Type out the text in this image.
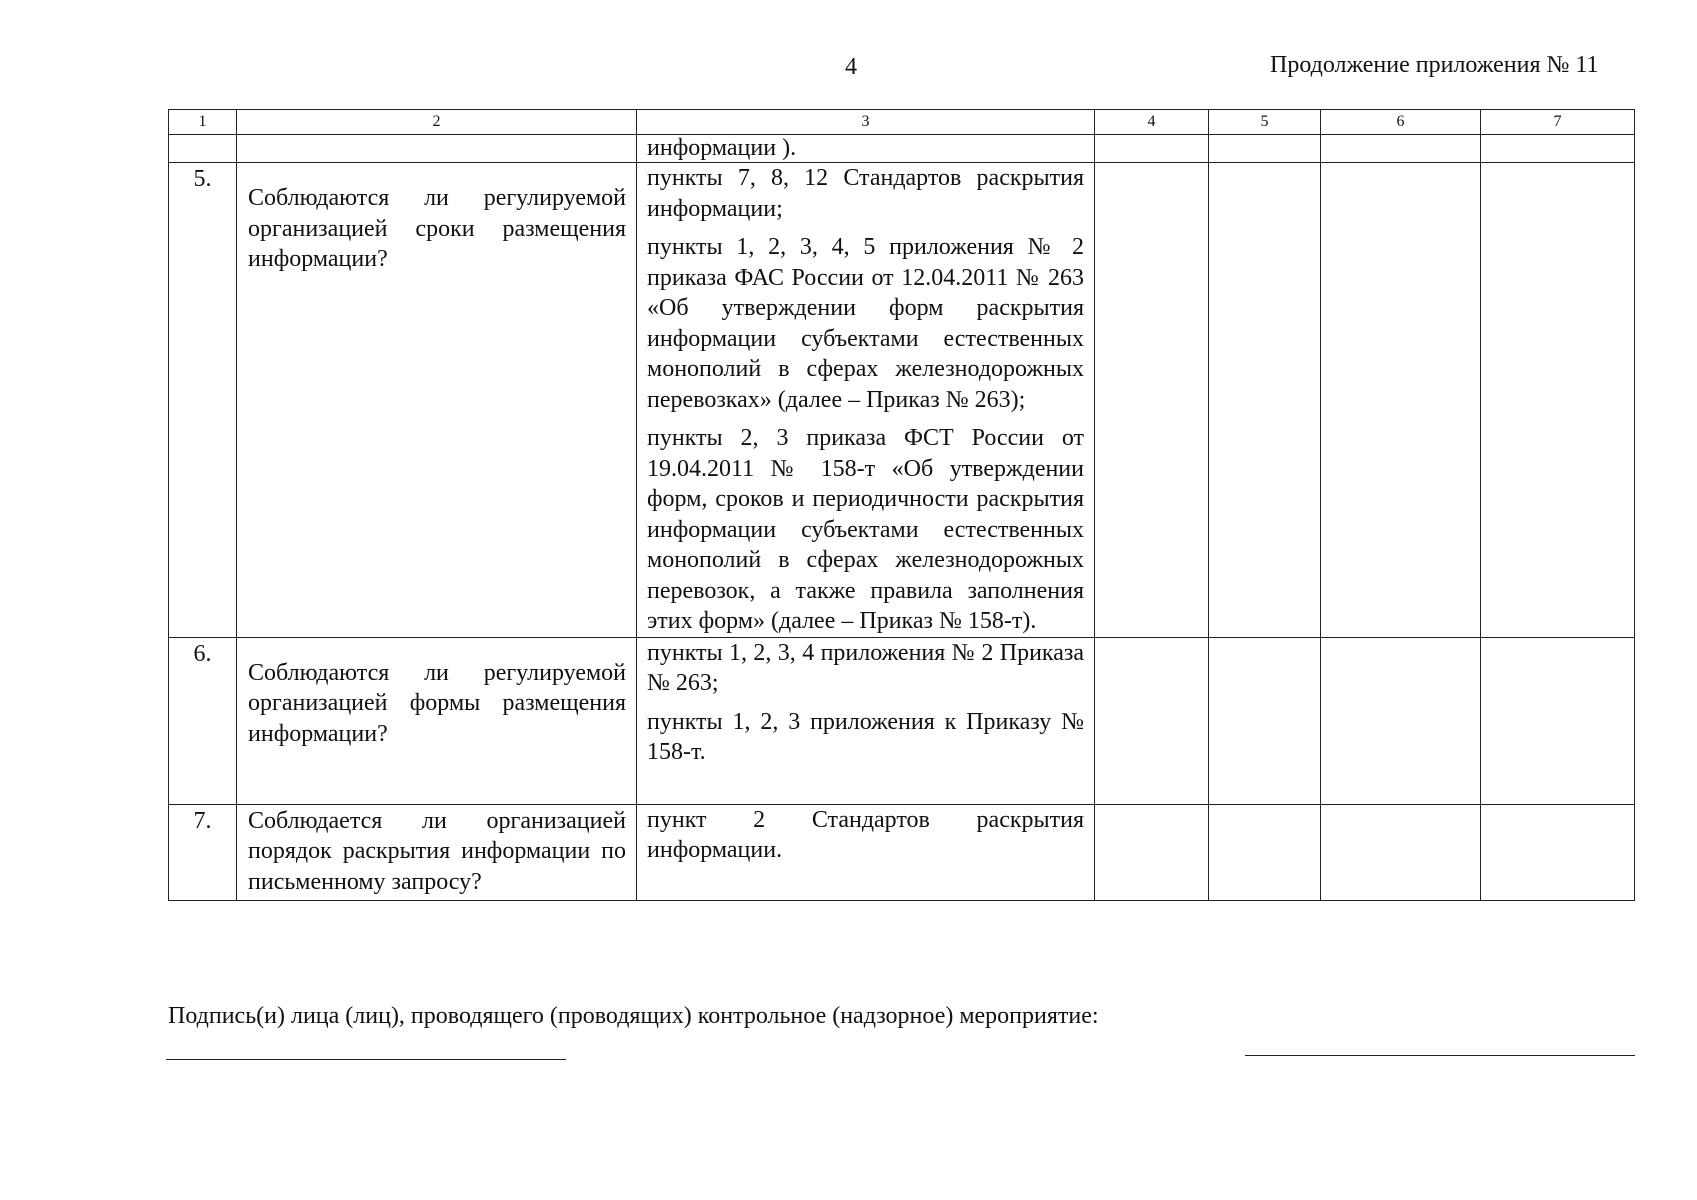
4	Продолжение приложения № 11
1	2	3	4	5	6	7
		информации ).				
5.	Соблюдаются ли регулируемой организацией сроки размещения информации?	пункты 7, 8, 12 Стандартов раскрытия информации;

пункты 1, 2, 3, 4, 5 приложения № 2 приказа ФАС России от 12.04.2011 № 263 «Об утверждении форм раскрытия информации субъектами естественных монополий в сферах железнодорожных перевозках» (далее – Приказ № 263);

пункты 2, 3 приказа ФСТ России от 19.04.2011 № 158-т «Об утверждении форм, сроков и периодичности раскрытия информации субъектами естественных монополий в сферах железнодорожных перевозок, а также правила заполнения этих форм» (далее – Приказ № 158-т).				

6.	Соблюдаются ли регулируемой организацией формы размещения информации?	пункты 1, 2, 3, 4 приложения № 2 Приказа № 263;

пункты 1, 2, 3 приложения к Приказу № 158-т.				

7.	Соблюдается ли организацией порядок раскрытия информации по письменному запросу?	пункт 2 Стандартов раскрытия информации.				

Подпись(и) лица (лиц), проводящего (проводящих) контрольное (надзорное) мероприятие:
